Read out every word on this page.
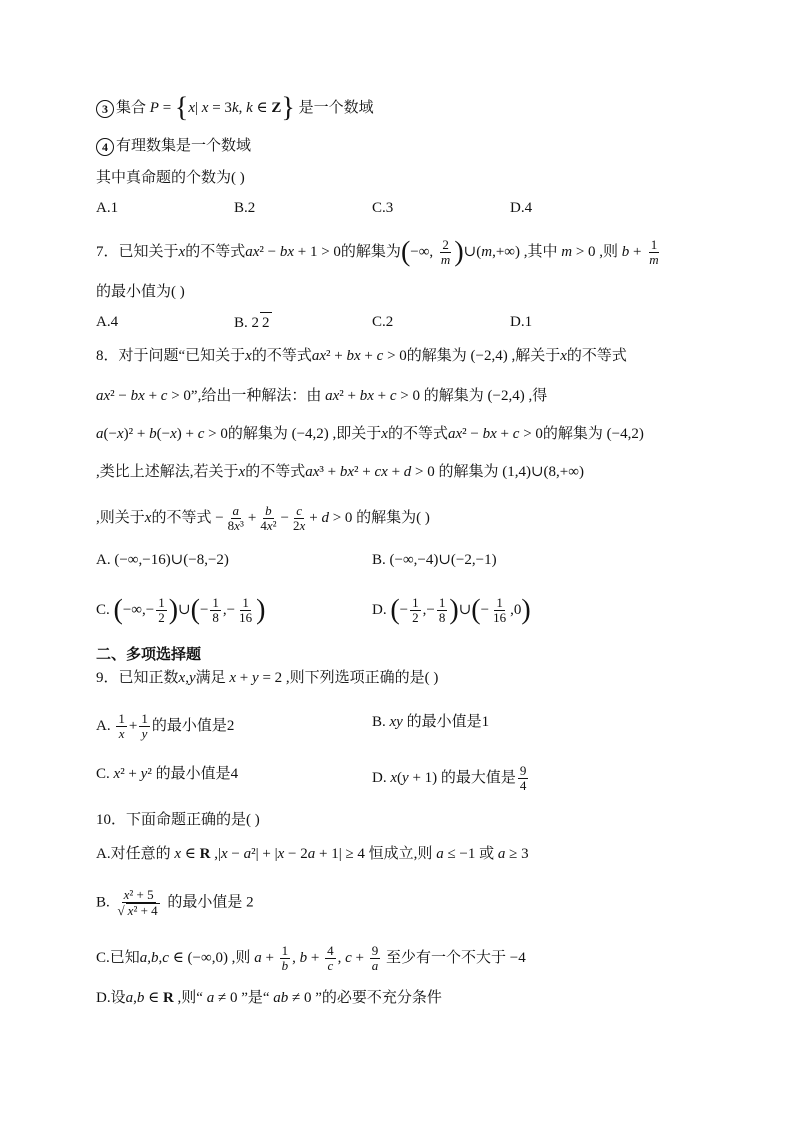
3 集合 P = {x| x = 3k, k ∈ Z} 是一个数域
4 有理数集是一个数域
其中真命题的个数为( )
A.1	B.2	C.3	D.4
7．已知关于x的不等式ax² − bx + 1 > 0的解集为(−∞, $\frac{2}{m}$ )∪(m,+∞) ,其中 m > 0 ,则 $b + \frac{1}{m}$
的最小值为( )
A.4	B. 2 2	C.2	D.1
8．对于问题“已知关于x的不等式ax² + bx + c > 0的解集为 (−2,4) ,解关于x的不等式
ax² − bx + c > 0”,给出一种解法：由 ax² + bx + c > 0 的解集为 (−2,4) ,得
a(−x)² + b(−x) + c > 0的解集为 (−4,2) ,即关于x的不等式ax² − bx + c > 0的解集为 (−4,2)
,类比上述解法,若关于x的不等式ax³ + bx² + cx + d > 0 的解集为 (1,4)∪(8,+∞)
,则关于x的不等式 − $\frac{a}{\text{8x³}} + \frac{b}{\text{4x²}} - \frac{c}{2x} + d > 0$ 的解集为( )
A. (−∞,−16)∪(−8,−2)	B. (−∞,−4)∪(−2,−1)
C. (−∞,− $\frac{1}{2}$ )∪(− $\frac{1}{8}$ ,− $\frac{1}{16}$ )	D. (− $\frac{1}{2}$ ,− $\frac{1}{8}$ )∪(− $\frac{1}{16} ,0$)
二、多项选择题
9．已知正数x,y满足 x + y = 2 ,则下列选项正确的是( )
A. $\frac{1}{x} + \frac{1}{y}$ 的最小值是2	B. xy 的最小值是1
C. x² + y² 的最小值是4	D. x(y + 1) 的最大值是 $\frac{9}{4}$
10．下面命题正确的是( )
A.对任意的 x ∈ R ,|x − a²| + |x − 2a + 1| ≥ 4 恒成立,则 a ≤ −1 或 a ≥ 3
B. $\frac{\text{x² + 5}}{\text{√ x² + 4}}$ 的最小值是 2
C.已知a,b,c ∈ (−∞,0) ,则 $a + \frac{1}{b}$ , $b + \frac{4}{c}$ , $c + \frac{9}{a}$ 至少有一个不大于 −4
D.设a,b ∈ R ,则“ a ≠ 0 ”是“ ab ≠ 0 ”的必要不充分条件
